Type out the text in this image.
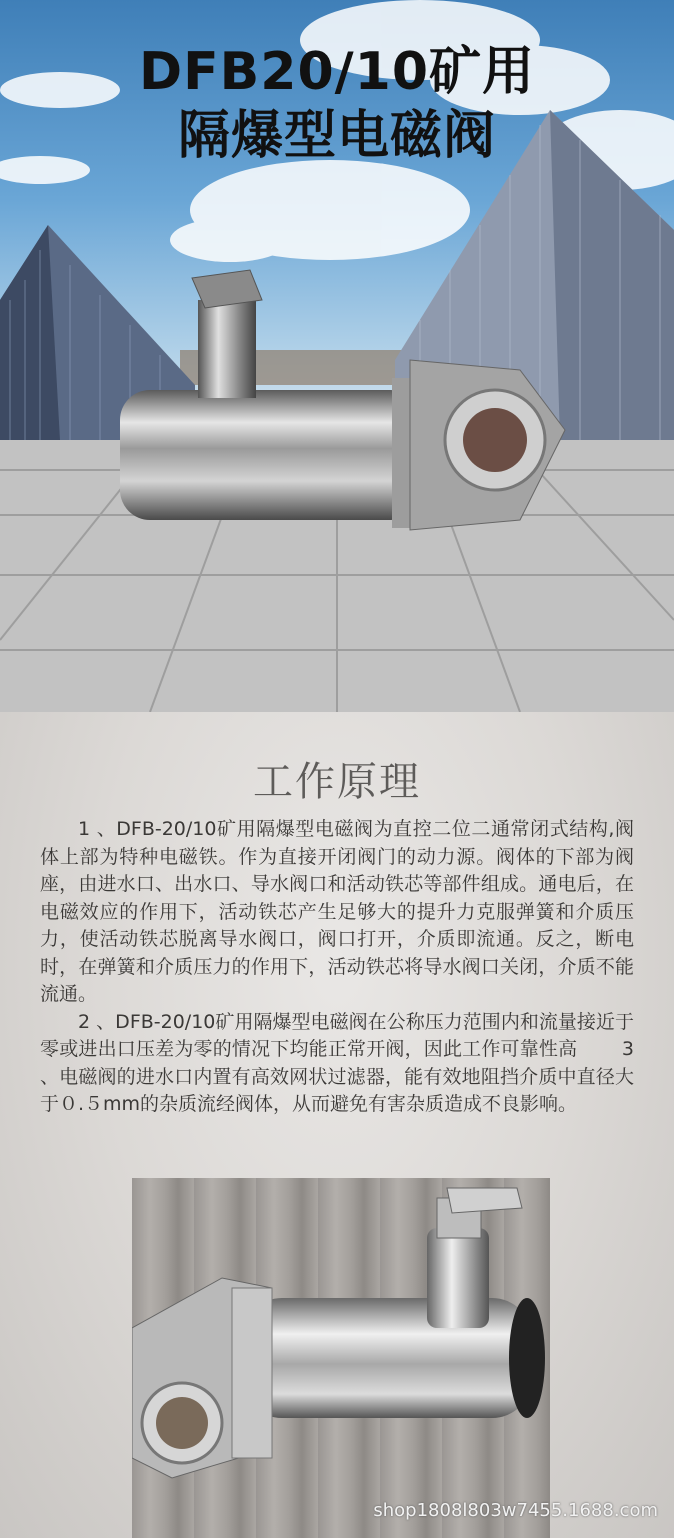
DFB20/10矿用
隔爆型电磁阀
工作原理

1 、DFB-20/10矿用隔爆型电磁阀为直控二位二通常闭式结构,阀体上部为特种电磁铁。作为直接开闭阀门的动力源。阀体的下部为阀座，由进水口、出水口、导水阀口和活动铁芯等部件组成。通电后，在电磁效应的作用下，活动铁芯产生足够大的提升力克服弹簧和介质压力，使活动铁芯脱离导水阀口，阀口打开，介质即流通。反之，断电时，在弹簧和介质压力的作用下，活动铁芯将导水阀口关闭，介质不能流通。

2 、DFB-20/10矿用隔爆型电磁阀在公称压力范围内和流量接近于零或进出口压差为零的情况下均能正常开阀，因此工作可靠性高　　 3 、电磁阀的进水口内置有高效网状过滤器，能有效地阻挡介质中直径大于０.５mm的杂质流经阀体，从而避免有害杂质造成不良影响。

shop1808l803w7455.1688.com
